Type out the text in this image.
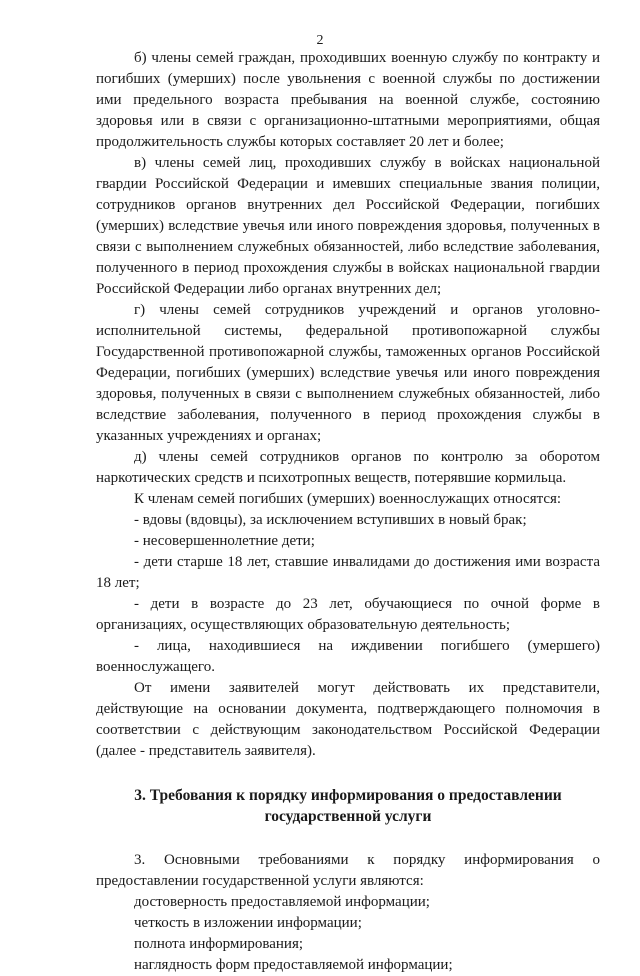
2

б) члены семей граждан, проходивших военную службу по контракту и погибших (умерших) после увольнения с военной службы по достижении ими предельного возраста пребывания на военной службе, состоянию здоровья или в связи с организационно-штатными мероприятиями, общая продолжительность службы которых составляет 20 лет и более;

в) члены семей лиц, проходивших службу в войсках национальной гвардии Российской Федерации и имевших специальные звания полиции, сотрудников органов внутренних дел Российской Федерации, погибших (умерших) вследствие увечья или иного повреждения здоровья, полученных в связи с выполнением служебных обязанностей, либо вследствие заболевания, полученного в период прохождения службы в войсках национальной гвардии Российской Федерации либо органах внутренних дел;

г) члены семей сотрудников учреждений и органов уголовно-исполнительной системы, федеральной противопожарной службы Государственной противопожарной службы, таможенных органов Российской Федерации, погибших (умерших) вследствие увечья или иного повреждения здоровья, полученных в связи с выполнением служебных обязанностей, либо вследствие заболевания, полученного в период прохождения службы в указанных учреждениях и органах;

д) члены семей сотрудников органов по контролю за оборотом наркотических средств и психотропных веществ, потерявшие кормильца.

К членам семей погибших (умерших) военнослужащих относятся:

- вдовы (вдовцы), за исключением вступивших в новый брак;

- несовершеннолетние дети;

- дети старше 18 лет, ставшие инвалидами до достижения ими возраста 18 лет;

- дети в возрасте до 23 лет, обучающиеся по очной форме в организациях, осуществляющих образовательную деятельность;

- лица, находившиеся на иждивении погибшего (умершего) военнослужащего.

От имени заявителей могут действовать их представители, действующие на основании документа, подтверждающего полномочия в соответствии с действующим законодательством Российской Федерации (далее - представитель заявителя).

3. Требования к порядку информирования о предоставлении государственной услуги

3. Основными требованиями к порядку информирования о предоставлении государственной услуги являются:

достоверность предоставляемой информации;

четкость в изложении информации;

полнота информирования;

наглядность форм предоставляемой информации;
